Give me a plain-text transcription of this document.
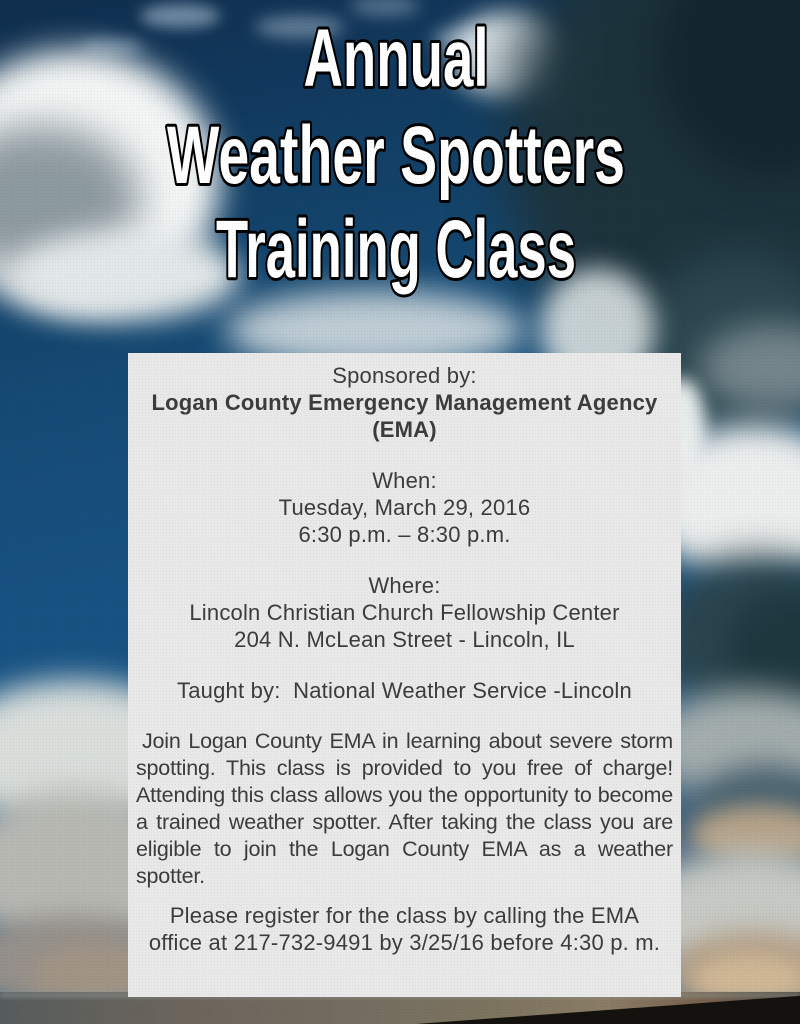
Annual
Weather Spotters
Training Class

Sponsored by:

Logan County Emergency Management Agency

(EMA)

When:

Tuesday, March 29, 2016

6:30 p.m. – 8:30 p.m.

Where:

Lincoln Christian Church Fellowship Center

204 N. McLean Street - Lincoln, IL

Taught by:  National Weather Service -Lincoln

Join Logan County EMA in learning about severe storm spotting. This class is provided to you free of charge! Attending this class allows you the opportunity to become a trained weather spotter. After taking the class you are eligible to join the Logan County EMA as a weather spotter.

Please register for the class by calling the EMA

office at 217-732-9491 by 3/25/16 before 4:30 p. m.
